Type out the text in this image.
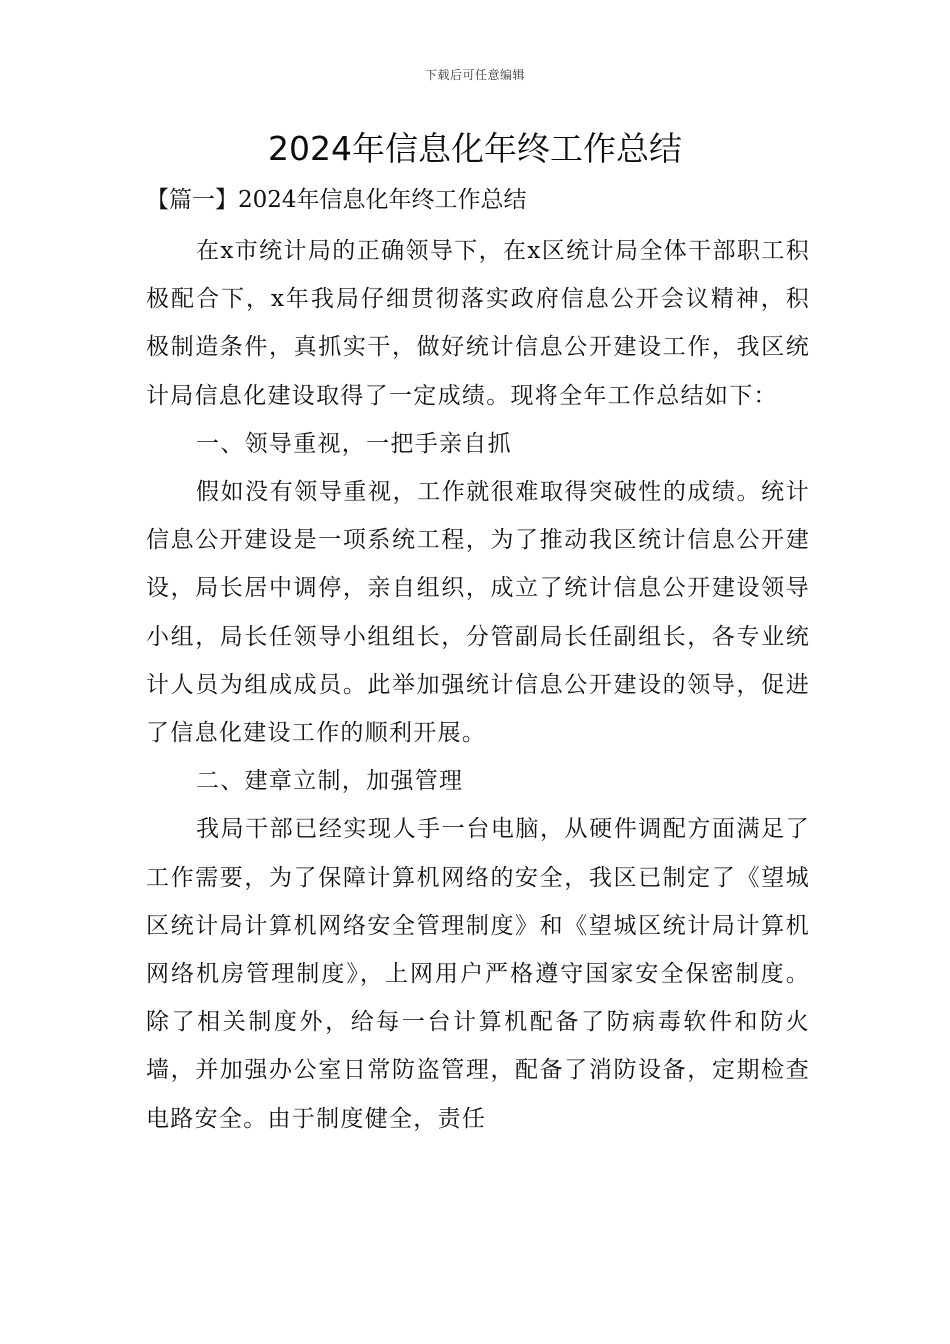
下载后可任意编辑
2024年信息化年终工作总结

【篇一】2024年信息化年终工作总结

在x市统计局的正确领导下，在x区统计局全体干部职工积极配合下，x年我局仔细贯彻落实政府信息公开会议精神，积极制造条件，真抓实干，做好统计信息公开建设工作，我区统计局信息化建设取得了一定成绩。现将全年工作总结如下：

一、领导重视，一把手亲自抓

假如没有领导重视，工作就很难取得突破性的成绩。统计信息公开建设是一项系统工程，为了推动我区统计信息公开建设，局长居中调停，亲自组织，成立了统计信息公开建设领导小组，局长任领导小组组长，分管副局长任副组长，各专业统计人员为组成成员。此举加强统计信息公开建设的领导，促进了信息化建设工作的顺利开展。

二、建章立制，加强管理

我局干部已经实现人手一台电脑，从硬件调配方面满足了工作需要，为了保障计算机网络的安全，我区已制定了《望城区统计局计算机网络安全管理制度》和《望城区统计局计算机网络机房管理制度》，上网用户严格遵守国家安全保密制度。除了相关制度外，给每一台计算机配备了防病毒软件和防火墙，并加强办公室日常防盗管理，配备了消防设备，定期检查电路安全。由于制度健全，责任
